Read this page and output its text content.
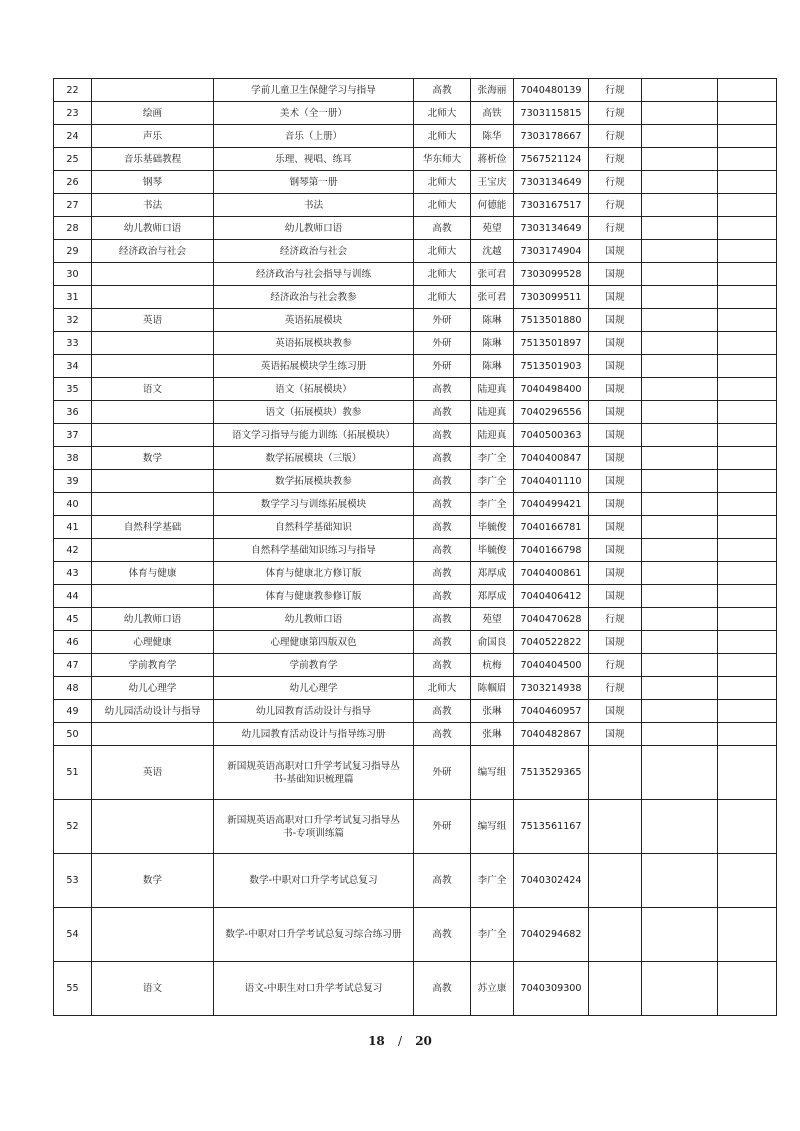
22		学前儿童卫生保健学习与指导	高教	张海丽	7040480139	行规		
23	绘画	美术（全一册）	北师大	高铁	7303115815	行规		
24	声乐	音乐（上册）	北师大	陈华	7303178667	行规		
25	音乐基础教程	乐理、视唱、练耳	华东师大	蒋析俭	7567521124	行规		
26	钢琴	钢琴第一册	北师大	王宝庆	7303134649	行规		
27	书法	书法	北师大	何德能	7303167517	行规		
28	幼儿教师口语	幼儿教师口语	高教	苑望	7303134649	行规		
29	经济政治与社会	经济政治与社会	北师大	沈越	7303174904	国规		
30		经济政治与社会指导与训练	北师大	张可君	7303099528	国规		
31		经济政治与社会教参	北师大	张可君	7303099511	国规		
32	英语	英语拓展模块	外研	陈琳	7513501880	国规		
33		英语拓展模块教参	外研	陈琳	7513501897	国规		
34		英语拓展模块学生练习册	外研	陈琳	7513501903	国规		
35	语文	语文（拓展模块）	高教	陆迎真	7040498400	国规		
36		语文（拓展模块）教参	高教	陆迎真	7040296556	国规		
37		语文学习指导与能力训练（拓展模块）	高教	陆迎真	7040500363	国规		
38	数学	数学拓展模块（三版）	高教	李广全	7040400847	国规		
39		数学拓展模块教参	高教	李广全	7040401110	国规		
40		数学学习与训练拓展模块	高教	李广全	7040499421	国规		
41	自然科学基础	自然科学基础知识	高教	毕毓俊	7040166781	国规		
42		自然科学基础知识练习与指导	高教	毕毓俊	7040166798	国规		
43	体育与健康	体育与健康北方修订版	高教	郑厚成	7040400861	国规		
44		体育与健康教参修订版	高教	郑厚成	7040406412	国规		
45	幼儿教师口语	幼儿教师口语	高教	苑望	7040470628	行规		
46	心理健康	心理健康第四版双色	高教	俞国良	7040522822	国规		
47	学前教育学	学前教育学	高教	杭梅	7040404500	行规		
48	幼儿心理学	幼儿心理学	北师大	陈帼眉	7303214938	行规		
49	幼儿园活动设计与指导	幼儿园教育活动设计与指导	高教	张琳	7040460957	国规		
50		幼儿园教育活动设计与指导练习册	高教	张琳	7040482867	国规		
51	英语	新国规英语高职对口升学考试复习指导丛书-基础知识梳理篇	外研	编写组	7513529365			
52		新国规英语高职对口升学考试复习指导丛书-专项训练篇	外研	编写组	7513561167			
53	数学	数学-中职对口升学考试总复习	高教	李广全	7040302424			
54		数学-中职对口升学考试总复习综合练习册	高教	李广全	7040294682			
55	语文	语文-中职生对口升学考试总复习	高教	苏立康	7040309300			
18 / 20
